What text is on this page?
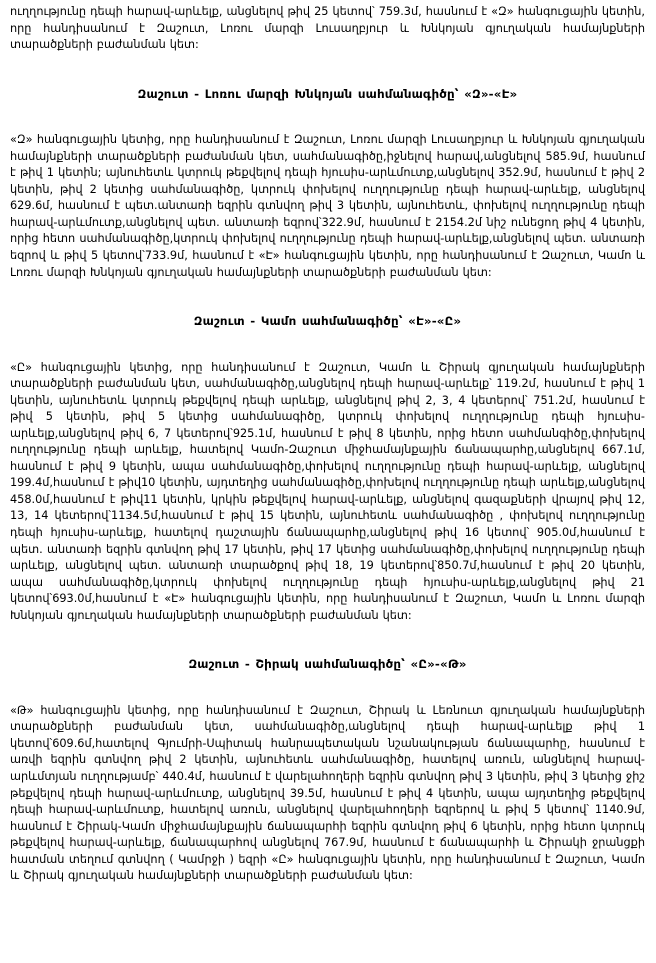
ուղղությունը դեպի հարավ-արևելք, անցնելով թիվ 25 կետով՝ 759.3մ, հասնում է «Զ» հանգուցային կետին, որը հանդիսանում է Զաշուտ, Լոռու մարզի Լուսաղբյուր և Խնկոյան գյուղական համայնքների տարածքների բաժանման կետ:

Զաշուտ - Լոռու մարզի Խնկոյան սահմանագիծը՝ «Զ»-«Է»

«Զ» հանգուցային կետից, որը հանդիսանում է Զաշուտ, Լոռու մարզի Լուսաղբյուր և Խնկոյան գյուղական համայնքների տարածքների բաժանման կետ, սահմանագիծը,իջնելով հարավ,անցնելով 585.9մ, հասնում է թիվ 1 կետին; այնուհետև կտրուկ թեքվելով դեպի հյուսիս-արևմուտք,անցնելով 352.9մ, հասնում է թիվ 2 կետին, թիվ 2 կետից սահմանագիծը, կտրուկ փոխելով ուղղությունը դեպի հարավ-արևելք, անցնելով 629.6մ, հասնում է պետ.անտառի եզրին գտնվող թիվ 3 կետին, այնուհետև, փոխելով ուղղությունը դեպի հարավ-արևմուտք,անցնելով պետ. անտառի եզրով՝322.9մ, հասնում է 2154.2մ նիշ ունեցող թիվ 4 կետին, որից հետո սահմանագիծը,կտրուկ փոխելով ուղղությունը դեպի հարավ-արևելք,անցնելով պետ. անտառի եզրով և թիվ 5 կետով՝733.9մ, հասնում է «Է» հանգուցային կետին, որը հանդիսանում է Զաշուտ, Կամո և Լոռու մարզի Խնկոյան գյուղական համայնքների տարածքների բաժանման կետ:

Զաշուտ - Կամո սահմանագիծը՝ «Է»-«Ը»

«Ը» հանգուցային կետից, որը հանդիսանում է Զաշուտ, Կամո և Շիրակ գյուղական համայնքների տարածքների բաժանման կետ, սահմանագիծը,անցնելով դեպի հարավ-արևելք՝ 119.2մ, հասնում է թիվ 1 կետին, այնուհետև կտրուկ թեքվելով դեպի արևելք, անցնելով թիվ 2, 3, 4 կետերով՝ 751.2մ, հասնում է թիվ 5 կետին, թիվ 5 կետից սահմանագիծը, կտրուկ փոխելով ուղղությունը դեպի հյուսիս-արևելք,անցնելով թիվ 6, 7 կետերով՝925.1մ, հասնում է թիվ 8 կետին, որից հետո սահմանգիծը,փոխելով ուղղությունը դեպի արևելք, հատելով Կամո-Զաշուտ միջհամայնքային ճանապարհը,անցնելով 667.1մ, հասնում է թիվ 9 կետին, ապա սահմանագիծը,փոխելով ուղղությունը դեպի հարավ-արևելք, անցնելով 199.4մ,հասնում է թիվ10 կետին, այդտեղից սահմանագիծը,փոխելով ուղղությունը դեպի արևելք,անցնելով 458.0մ,հասնում է թիվ11 կետին, կրկին թեքվելով հարավ-արևելք, անցնելով գազաքների վրայով թիվ 12, 13, 14 կետերով՝1134.5մ,հասնում է թիվ 15 կետին, այնուհետև սահմանագիծը , փոխելով ուղղությունը դեպի հյուսիս-արևելք, հատելով դաշտային ճանապարհը,անցնելով թիվ 16 կետով՝ 905.0մ,հասնում է պետ. անտառի եզրին գտնվող թիվ 17 կետին, թիվ 17 կետից սահմանագիծը,փոխելով ուղղությունը դեպի արևելք, անցնելով պետ. անտառի տարածքով թիվ 18, 19 կետերով՝850.7մ,հասնում է թիվ 20 կետին, ապա սահմանագիծը,կտրուկ փոխելով ուղղությունը դեպի հյուսիս-արևելք,անցնելով թիվ 21 կետով՝693.0մ,հասնում է «Է» հանգուցային կետին, որը հանդիսանում է Զաշուտ, Կամո և Լոռու մարզի Խնկոյան գյուղական համայնքների տարածքների բաժանման կետ:

Զաշուտ - Շիրակ սահմանագիծը՝ «Ը»-«Թ»

«Թ» հանգուցային կետից, որը հանդիսանում է Զաշուտ, Շիրակ և Լեռնուտ գյուղական համայնքների տարածքների բաժանման կետ, սահմանագիծը,անցնելով դեպի հարավ-արևելք թիվ 1 կետով՝609.6մ,հատելով Գյումրի-Սպիտակ հանրապետական նշանակության ճանապարհը, հասնում է առվի եզրին գտնվող թիվ 2 կետին, այնուհետև սահմանագիծը, հատելով առուն, անցնելով հարավ-արևմտյան ուղղությամբ՝ 440.4մ, հասնում է վարելահողերի եզրին գտնվող թիվ 3 կետին, թիվ 3 կետից ջիշ թեքվելով դեպի հարավ-արևմուտք, անցնելով 39.5մ, հասնում է թիվ 4 կետին, ապա այդտեղից թեքվելով դեպի հարավ-արևմուտք, հատելով առուն, անցնելով վարելահողերի եզրերով և թիվ 5 կետով՝ 1140.9մ, հասնում է Շիրակ-Կամո միջհամայնքային ճանապարհի եզրին գտնվող թիվ 6 կետին, որից հետո կտրուկ թեքվելով հարավ-արևելք, ճանապարհով անցնելով 767.9մ, հասնում է ճանապարհի և Շիրակի ջրանցքի հատման տեղում գտնվող ( Կամրջի ) եզրի «Ը» հանգուցային կետին, որը հանդիսանում է Զաշուտ, Կամո և Շիրակ գյուղական համայնքների տարածքների բաժանման կետ:
